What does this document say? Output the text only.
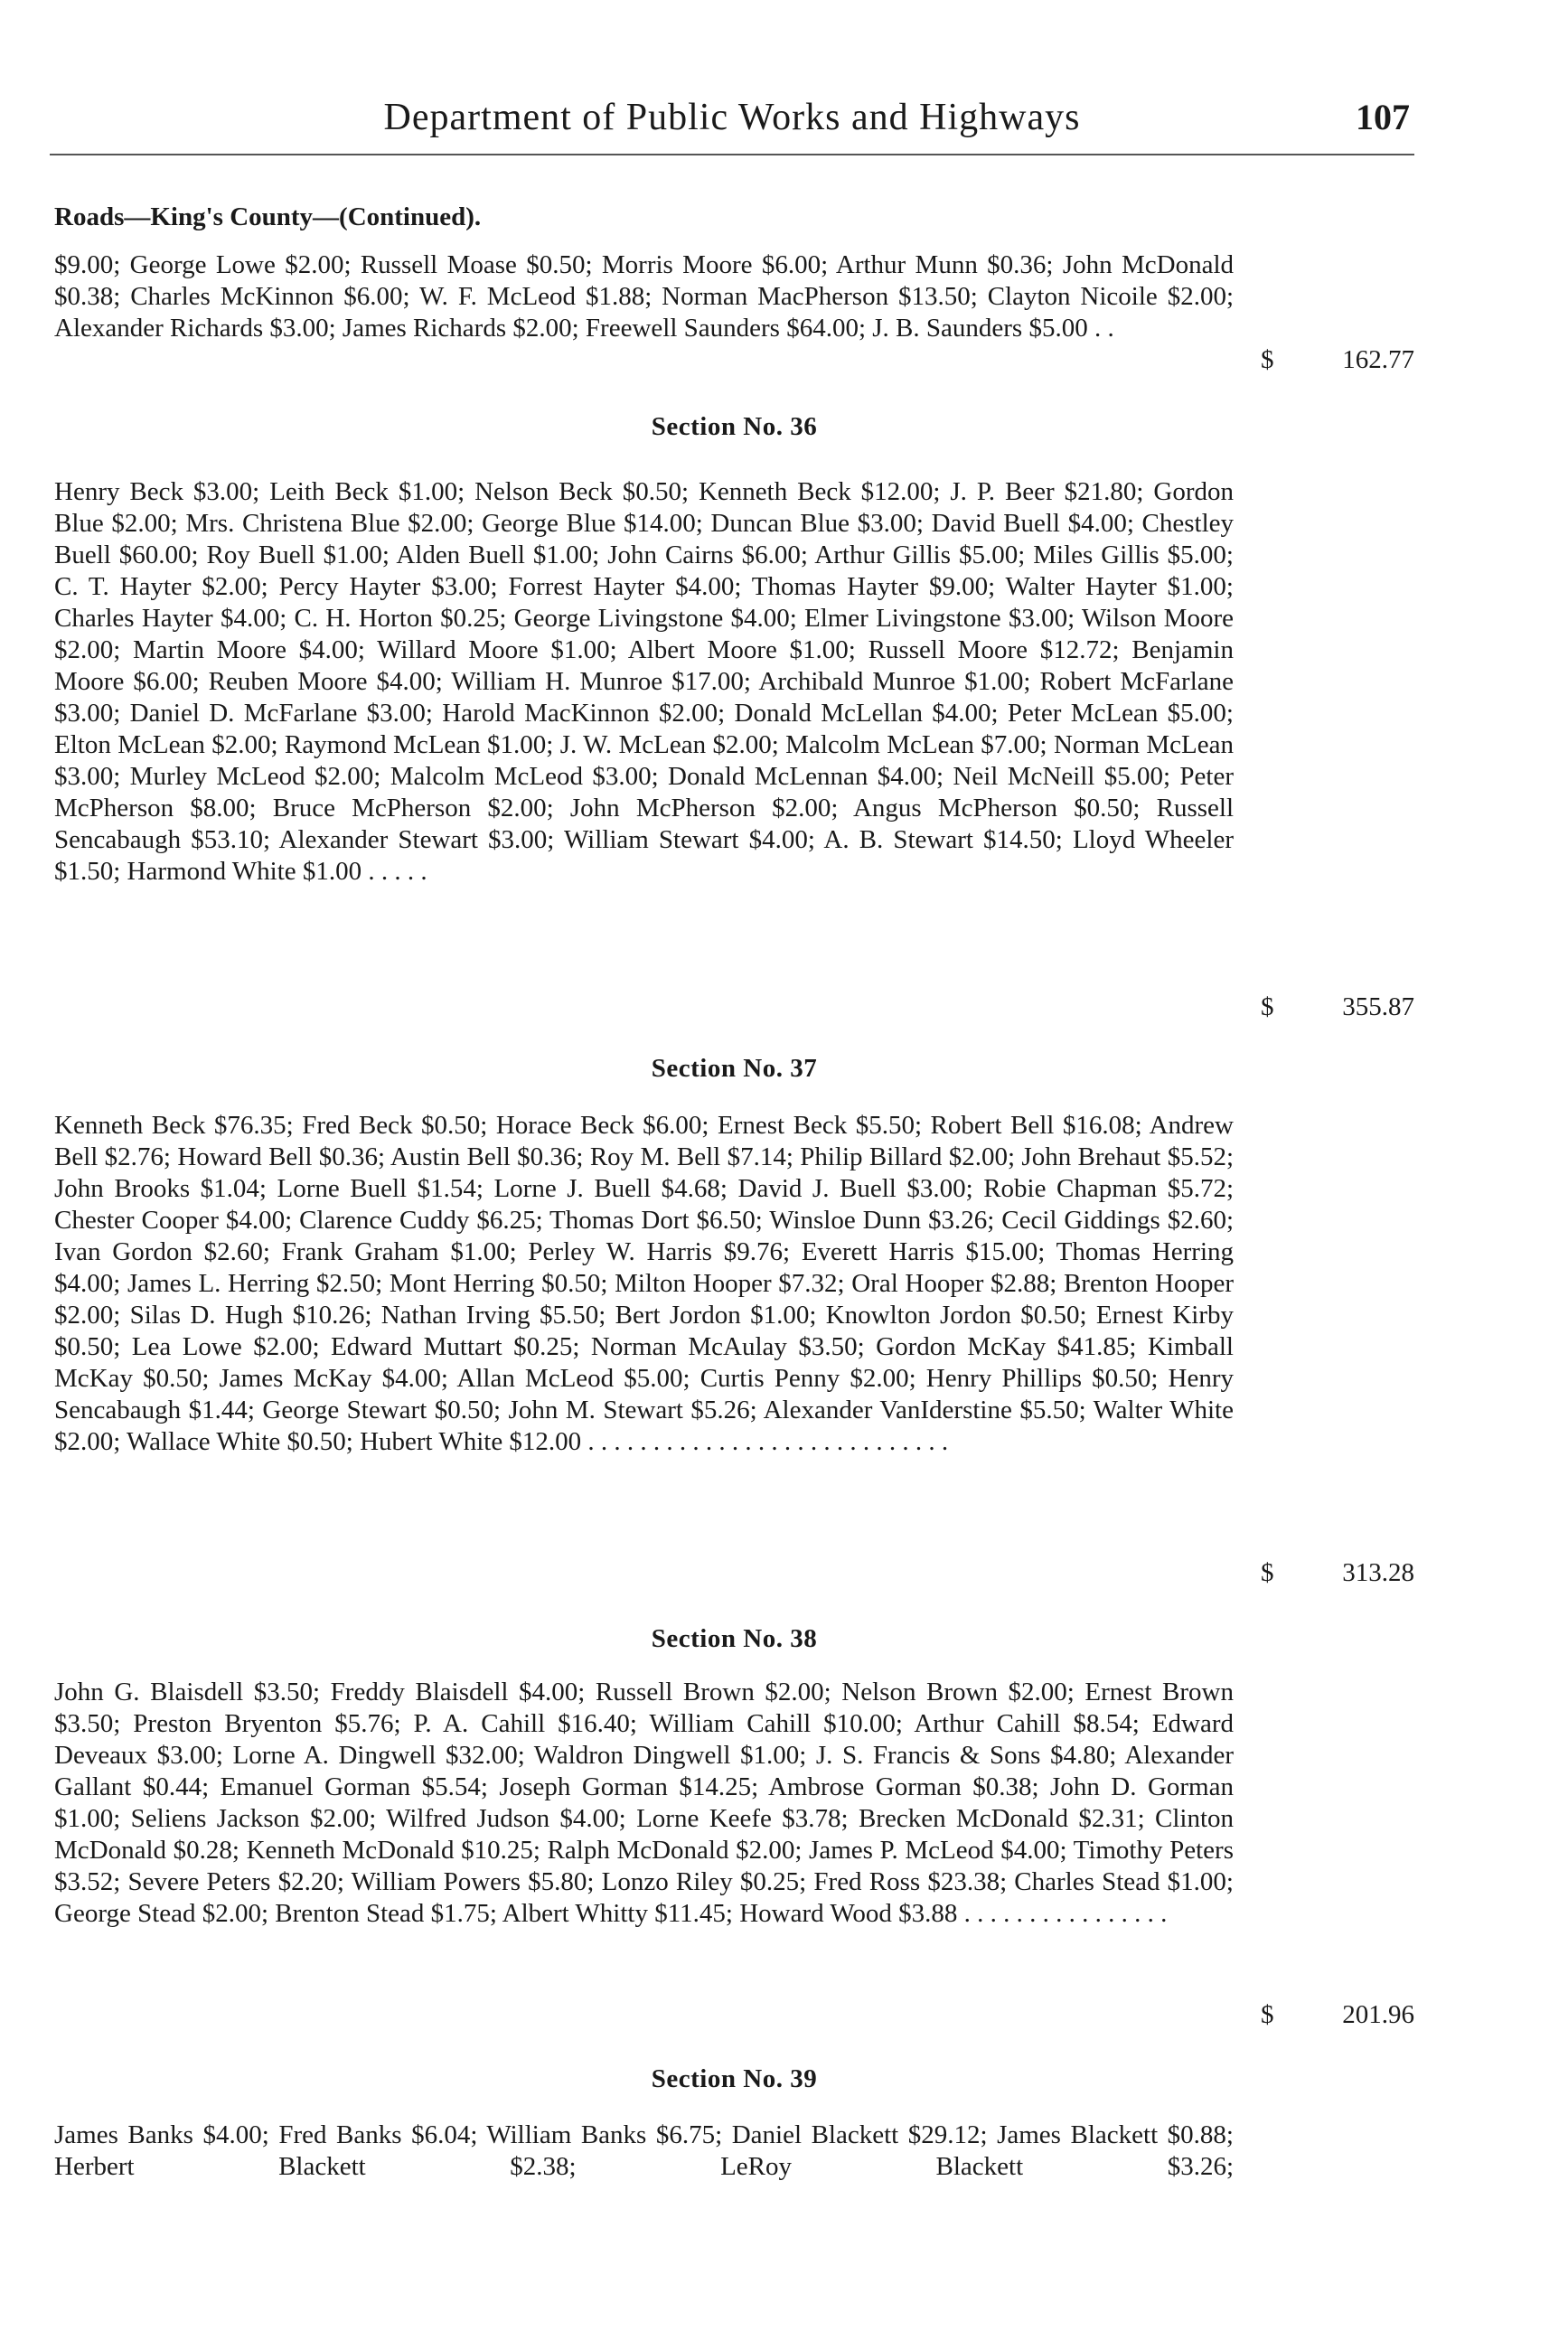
Department of Public Works and Highways	107
Roads—King's County—(Continued).
$9.00; George Lowe $2.00; Russell Moase $0.50; Morris Moore $6.00; Arthur Munn $0.36; John McDonald $0.38; Charles McKinnon $6.00; W. F. McLeod $1.88; Norman MacPherson $13.50; Clayton Nicoile $2.00; Alexander Richards $3.00; James Richards $2.00; Freewell Saunders $64.00; J. B. Saunders $5.00 . .
$	162.77
Section No. 36
Henry Beck $3.00; Leith Beck $1.00; Nelson Beck $0.50; Kenneth Beck $12.00; J. P. Beer $21.80; Gordon Blue $2.00; Mrs. Christena Blue $2.00; George Blue $14.00; Duncan Blue $3.00; David Buell $4.00; Chestley Buell $60.00; Roy Buell $1.00; Alden Buell $1.00; John Cairns $6.00; Arthur Gillis $5.00; Miles Gillis $5.00; C. T. Hayter $2.00; Percy Hayter $3.00; Forrest Hayter $4.00; Thomas Hayter $9.00; Walter Hayter $1.00; Charles Hayter $4.00; C. H. Horton $0.25; George Livingstone $4.00; Elmer Livingstone $3.00; Wilson Moore $2.00; Martin Moore $4.00; Willard Moore $1.00; Albert Moore $1.00; Russell Moore $12.72; Benjamin Moore $6.00; Reuben Moore $4.00; William H. Munroe $17.00; Archibald Munroe $1.00; Robert McFarlane $3.00; Daniel D. McFarlane $3.00; Harold MacKinnon $2.00; Donald McLellan $4.00; Peter McLean $5.00; Elton McLean $2.00; Raymond McLean $1.00; J. W. McLean $2.00; Malcolm McLean $7.00; Norman McLean $3.00; Murley McLeod $2.00; Malcolm McLeod $3.00; Donald McLennan $4.00; Neil McNeill $5.00; Peter McPherson $8.00; Bruce McPherson $2.00; John McPherson $2.00; Angus McPherson $0.50; Russell Sencabaugh $53.10; Alexander Stewart $3.00; William Stewart $4.00; A. B. Stewart $14.50; Lloyd Wheeler $1.50; Harmond White $1.00 . . . . .
$	355.87
Section No. 37
Kenneth Beck $76.35; Fred Beck $0.50; Horace Beck $6.00; Ernest Beck $5.50; Robert Bell $16.08; Andrew Bell $2.76; Howard Bell $0.36; Austin Bell $0.36; Roy M. Bell $7.14; Philip Billard $2.00; John Brehaut $5.52; John Brooks $1.04; Lorne Buell $1.54; Lorne J. Buell $4.68; David J. Buell $3.00; Robie Chapman $5.72; Chester Cooper $4.00; Clarence Cuddy $6.25; Thomas Dort $6.50; Winsloe Dunn $3.26; Cecil Giddings $2.60; Ivan Gordon $2.60; Frank Graham $1.00; Perley W. Harris $9.76; Everett Harris $15.00; Thomas Herring $4.00; James L. Herring $2.50; Mont Herring $0.50; Milton Hooper $7.32; Oral Hooper $2.88; Brenton Hooper $2.00; Silas D. Hugh $10.26; Nathan Irving $5.50; Bert Jordon $1.00; Knowlton Jordon $0.50; Ernest Kirby $0.50; Lea Lowe $2.00; Edward Muttart $0.25; Norman McAulay $3.50; Gordon McKay $41.85; Kimball McKay $0.50; James McKay $4.00; Allan McLeod $5.00; Curtis Penny $2.00; Henry Phillips $0.50; Henry Sencabaugh $1.44; George Stewart $0.50; John M. Stewart $5.26; Alexander VanIderstine $5.50; Walter White $2.00; Wallace White $0.50; Hubert White $12.00 . . . . . . . . . . . . . . . . . . . . . . . . . . . .
$	313.28
Section No. 38
John G. Blaisdell $3.50; Freddy Blaisdell $4.00; Russell Brown $2.00; Nelson Brown $2.00; Ernest Brown $3.50; Preston Bryenton $5.76; P. A. Cahill $16.40; William Cahill $10.00; Arthur Cahill $8.54; Edward Deveaux $3.00; Lorne A. Dingwell $32.00; Waldron Dingwell $1.00; J. S. Francis & Sons $4.80; Alexander Gallant $0.44; Emanuel Gorman $5.54; Joseph Gorman $14.25; Ambrose Gorman $0.38; John D. Gorman $1.00; Seliens Jackson $2.00; Wilfred Judson $4.00; Lorne Keefe $3.78; Brecken McDonald $2.31; Clinton McDonald $0.28; Kenneth McDonald $10.25; Ralph McDonald $2.00; James P. McLeod $4.00; Timothy Peters $3.52; Severe Peters $2.20; William Powers $5.80; Lonzo Riley $0.25; Fred Ross $23.38; Charles Stead $1.00; George Stead $2.00; Brenton Stead $1.75; Albert Whitty $11.45; Howard Wood $3.88 . . . . . . . . . . . . . . . .
$	201.96
Section No. 39
James Banks $4.00; Fred Banks $6.04; William Banks $6.75; Daniel Blackett $29.12; James Blackett $0.88; Herbert Blackett $2.38; LeRoy Blackett $3.26;
